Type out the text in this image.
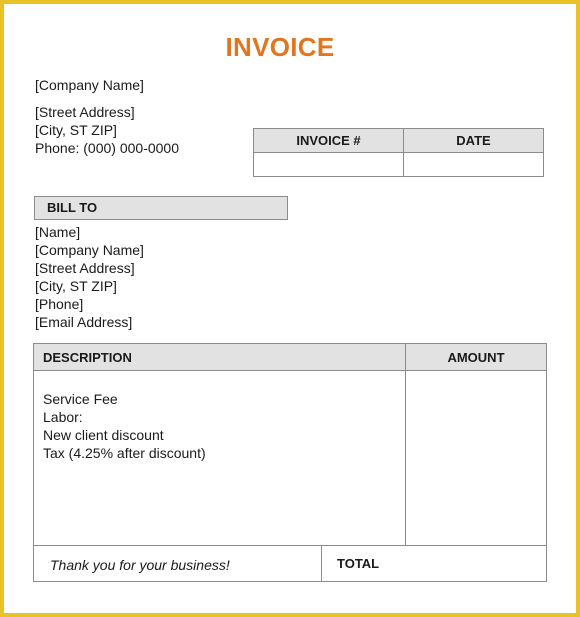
INVOICE
[Company Name]
[Street Address]
[City, ST ZIP]
Phone: (000) 000-0000	INVOICE #	DATE

BILL TO
[Name]
[Company Name]
[Street Address]
[City, ST ZIP]
[Phone]
[Email Address]
DESCRIPTION	AMOUNT
Service Fee
Labor:
New client discount
Tax (4.25% after discount)
Thank you for your business!	TOTAL
